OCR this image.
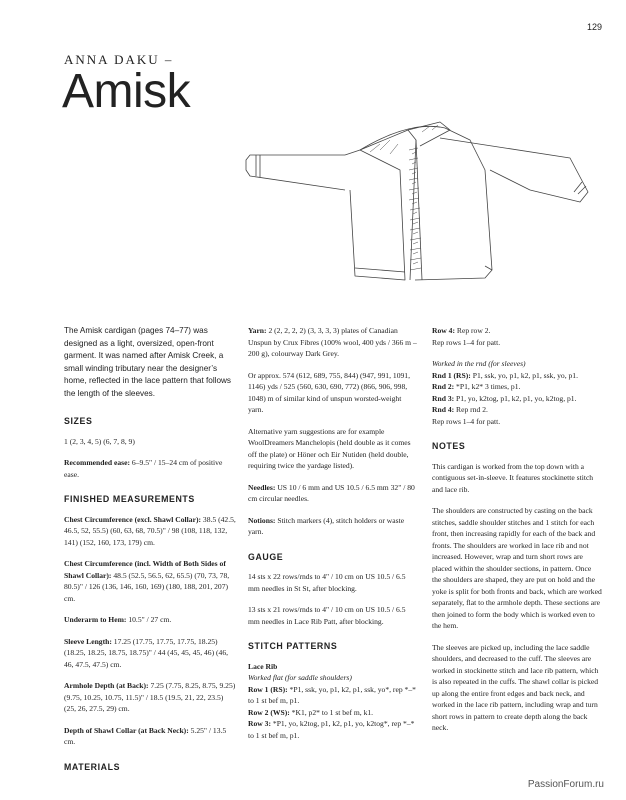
129
ANNA DAKU –
Amisk

The Amisk cardigan (pages 74–77) was designed as a light, oversized, open-front garment. It was named after Amisk Creek, a small winding tributary near the designer’s home, reflected in the lace pattern that follows the length of the sleeves.

SIZES

1 (2, 3, 4, 5) (6, 7, 8, 9)

Recommended ease: 6–9.5" / 15–24 cm of positive ease.

FINISHED MEASUREMENTS

Chest Circumference (excl. Shawl Collar): 38.5 (42.5, 46.5, 52, 55.5) (60, 63, 68, 70.5)" / 98 (108, 118, 132, 141) (152, 160, 173, 179) cm.

Chest Circumference (incl. Width of Both Sides of Shawl Collar): 48.5 (52.5, 56.5, 62, 65.5) (70, 73, 78, 80.5)" / 126 (136, 146, 160, 169) (180, 188, 201, 207) cm.

Underarm to Hem: 10.5" / 27 cm.

Sleeve Length: 17.25 (17.75, 17.75, 17.75, 18.25) (18.25, 18.25, 18.75, 18.75)" / 44 (45, 45, 45, 46) (46, 46, 47.5, 47.5) cm.

Armhole Depth (at Back): 7.25 (7.75, 8.25, 8.75, 9.25) (9.75, 10.25, 10.75, 11.5)" / 18.5 (19.5, 21, 22, 23.5) (25, 26, 27.5, 29) cm.

Depth of Shawl Collar (at Back Neck): 5.25" / 13.5 cm.

MATERIALS

Yarn: 2 (2, 2, 2, 2) (3, 3, 3, 3) plates of Canadian Unspun by Crux Fibres (100% wool, 400 yds / 366 m – 200 g), colourway Dark Grey.

Or approx. 574 (612, 689, 755, 844) (947, 991, 1091, 1146) yds / 525 (560, 630, 690, 772) (866, 906, 998, 1048) m of similar kind of unspun worsted-weight yarn.

Alternative yarn suggestions are for example WoolDreamers Manchelopis (held double as it comes off the plate) or Höner och Eir Nutiden (held double, requiring twice the yardage listed).

Needles: US 10 / 6 mm and US 10.5 / 6.5 mm 32" / 80 cm circular needles.

Notions: Stitch markers (4), stitch holders or waste yarn.

GAUGE

14 sts x 22 rows/rnds to 4" / 10 cm on US 10.5 / 6.5 mm needles in St St, after blocking.

13 sts x 21 rows/rnds to 4" / 10 cm on US 10.5 / 6.5 mm needles in Lace Rib Patt, after blocking.

STITCH PATTERNS

Lace Rib

Worked flat (for saddle shoulders)

Row 1 (RS): *P1, ssk, yo, p1, k2, p1, ssk, yo*, rep *–* to 1 st bef m, p1.

Row 2 (WS): *K1, p2* to 1 st bef m, k1.

Row 3: *P1, yo, k2tog, p1, k2, p1, yo, k2tog*, rep *–* to 1 st bef m, p1.

Row 4: Rep row 2.

Rep rows 1–4 for patt.

Worked in the rnd (for sleeves)

Rnd 1 (RS): P1, ssk, yo, p1, k2, p1, ssk, yo, p1.

Rnd 2: *P1, k2* 3 times, p1.

Rnd 3: P1, yo, k2tog, p1, k2, p1, yo, k2tog, p1.

Rnd 4: Rep rnd 2.

Rep rows 1–4 for patt.

NOTES

This cardigan is worked from the top down with a contiguous set-in-sleeve. It features stockinette stitch and lace rib.

The shoulders are constructed by casting on the back stitches, saddle shoulder stitches and 1 stitch for each front, then increasing rapidly for each of the back and fronts. The shoulders are worked in lace rib and not increased. However, wrap and turn short rows are placed within the shoulder sections, in pattern. Once the shoulders are shaped, they are put on hold and the yoke is split for both fronts and back, which are worked separately, flat to the armhole depth. These sections are then joined to form the body which is worked even to the hem.

The sleeves are picked up, including the lace saddle shoulders, and decreased to the cuff. The sleeves are worked in stockinette stitch and lace rib pattern, which is also repeated in the cuffs. The shawl collar is picked up along the entire front edges and back neck, and worked in the lace rib pattern, including wrap and turn short rows in pattern to create depth along the back neck.

PassionForum.ru
